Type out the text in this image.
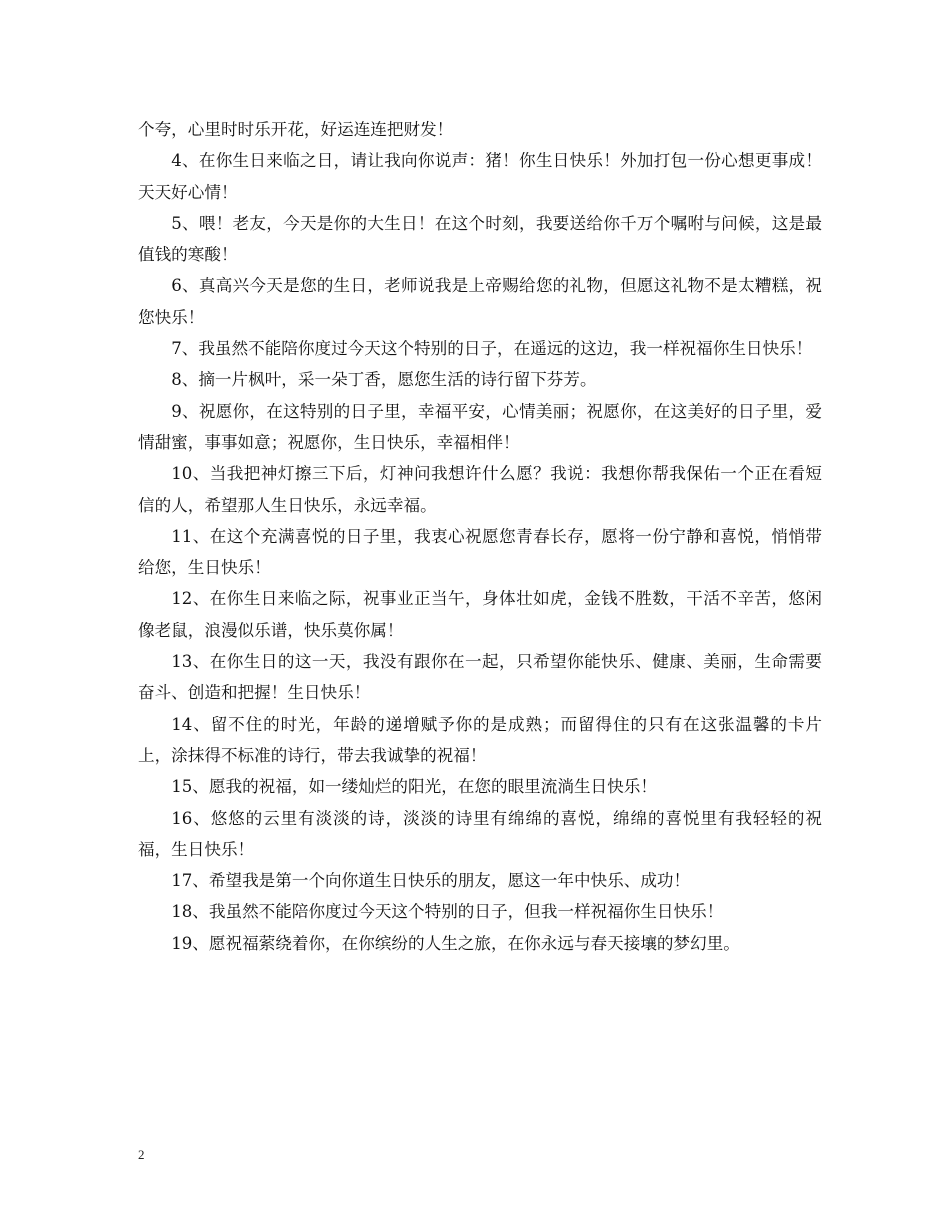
个夸，心里时时乐开花，好运连连把财发！

4、在你生日来临之日，请让我向你说声：猪！你生日快乐！外加打包一份心想更事成！天天好心情！

5、喂！老友，今天是你的大生日！在这个时刻，我要送给你千万个嘱咐与问候，这是最值钱的寒酸！

6、真高兴今天是您的生日，老师说我是上帝赐给您的礼物，但愿这礼物不是太糟糕，祝您快乐！

7、我虽然不能陪你度过今天这个特别的日子，在遥远的这边，我一样祝福你生日快乐！

8、摘一片枫叶，采一朵丁香，愿您生活的诗行留下芬芳。

9、祝愿你，在这特别的日子里，幸福平安，心情美丽；祝愿你，在这美好的日子里，爱情甜蜜，事事如意；祝愿你，生日快乐，幸福相伴！

10、当我把神灯擦三下后，灯神问我想许什么愿？我说：我想你帮我保佑一个正在看短信的人，希望那人生日快乐，永远幸福。

11、在这个充满喜悦的日子里，我衷心祝愿您青春长存，愿将一份宁静和喜悦，悄悄带给您，生日快乐！

12、在你生日来临之际，祝事业正当午，身体壮如虎，金钱不胜数，干活不辛苦，悠闲像老鼠，浪漫似乐谱，快乐莫你属！

13、在你生日的这一天，我没有跟你在一起，只希望你能快乐、健康、美丽，生命需要奋斗、创造和把握！生日快乐！

14、留不住的时光，年龄的递增赋予你的是成熟；而留得住的只有在这张温馨的卡片上，涂抹得不标准的诗行，带去我诚挚的祝福！

15、愿我的祝福，如一缕灿烂的阳光，在您的眼里流淌生日快乐！

16、悠悠的云里有淡淡的诗，淡淡的诗里有绵绵的喜悦，绵绵的喜悦里有我轻轻的祝福，生日快乐！

17、希望我是第一个向你道生日快乐的朋友，愿这一年中快乐、成功！

18、我虽然不能陪你度过今天这个特别的日子，但我一样祝福你生日快乐！

19、愿祝福萦绕着你，在你缤纷的人生之旅，在你永远与春天接壤的梦幻里。

2
